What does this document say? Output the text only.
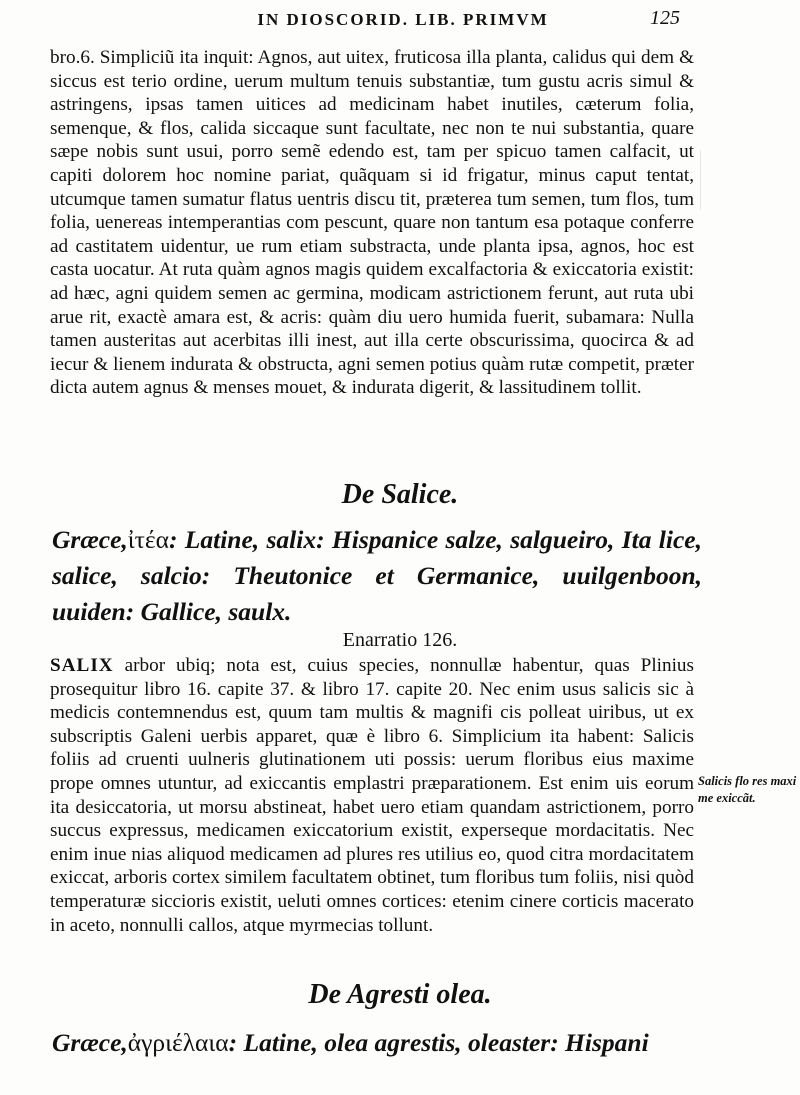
IN DIOSCORID. LIB. PRIMVM	125
bro.6. Simpliciũ ita inquit: Agnos, aut uitex, fruticosa illa planta, calidus qui dem & siccus est terio ordine, uerum multum tenuis substantiæ, tum gustu acris simul & astringens, ipsas tamen uitices ad medicinam habet inutiles, cæterum folia, semenque, & flos, calida siccaque sunt facultate, nec non te nui substantia, quare sæpe nobis sunt usui, porro semẽ edendo est, tam per spicuo tamen calfacit, ut capiti dolorem hoc nomine pariat, quãquam si id frigatur, minus caput tentat, utcumque tamen sumatur flatus uentris discu tit, præterea tum semen, tum flos, tum folia, uenereas intemperantias com pescunt, quare non tantum esa potaque conferre ad castitatem uidentur, ue rum etiam substracta, unde planta ipsa, agnos, hoc est casta uocatur. At ruta quàm agnos magis quidem excalfactoria & exiccatoria existit: ad hæc, agni quidem semen ac germina, modicam astrictionem ferunt, aut ruta ubi arue rit, exactè amara est, & acris: quàm diu uero humida fuerit, subamara: Nulla tamen austeritas aut acerbitas illi inest, aut illa certe obscurissima, quocirca & ad iecur & lienem indurata & obstructa, agni semen potius quàm rutæ competit, præter dicta autem agnus & menses mouet, & indurata digerit, & lassitudinem tollit.
De Salice.
Græce,ἰτέα: Latine, salix: Hispanice salze, salgueiro, Ita lice, salice, salcio: Theutonice et Germanice, uuilgenboon, uuiden: Gallice, saulx.
Enarratio 126.
SALIX arbor ubiq; nota est, cuius species, nonnullæ habentur, quas Plinius prosequitur libro 16. capite 37. & libro 17. capite 20. Nec enim usus salicis sic à medicis contemnendus est, quum tam multis & magnifi cis polleat uiribus, ut ex subscriptis Galeni uerbis apparet, quæ è libro 6. Simplicium ita habent: Salicis foliis ad cruenti uulneris glutinationem uti possis: uerum floribus eius maxime prope omnes utuntur, ad exiccantis emplastri præparationem. Est enim uis eorum ita desiccatoria, ut morsu abstineat, habet uero etiam quandam astrictionem, porro succus expressus, medicamen exiccatorium existit, experseque mordacitatis. Nec enim inue nias aliquod medicamen ad plures res utilius eo, quod citra mordacitatem exiccat, arboris cortex similem facultatem obtinet, tum floribus tum foliis, nisi quòd temperaturæ siccioris existit, ueluti omnes cortices: etenim cinere corticis macerato in aceto, nonnulli callos, atque myrmecias tollunt.
Salicis flo res maxi me exiccãt.
De Agresti olea.
Græce,ἀγριέλαια: Latine, olea agrestis, oleaster: Hispani
